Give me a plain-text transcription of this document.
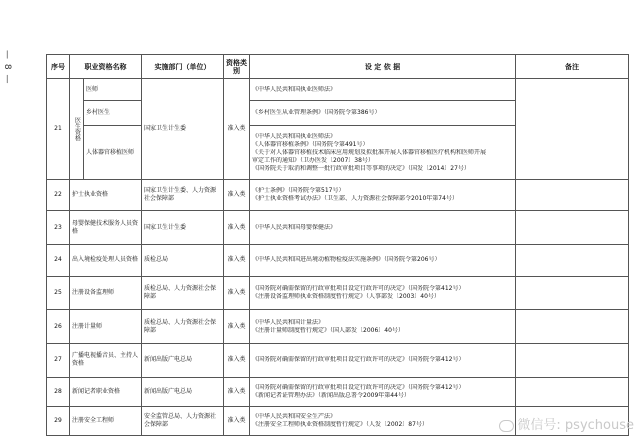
— 8 —	序号	职业资格名称		实施部门（单位）	资格类别	设 定 依 据	备注
21	医生资格	医师	国家卫生计生委	准入类	《中华人民共和国执业医师法》	

		乡村医生			《乡村医生从业管理条例》（国务院令第386号）	

		人体器官移植医师			《中华人民共和国执业医师法》
《人体器官移植条例》（国务院令第491号）
《关于对人体器官移植技术临床应用规划及拟批准开展人体器官移植医疗机构和医师开展
审定工作的通知》（卫办医发〔2007〕38号）
《国务院关于取消和调整一批行政审批项目等事项的决定》（国发〔2014〕27号）	

22	护士执业资格		国家卫生计生委、人力资源社会保障部	准入类	《护士条例》（国务院令第517号）
《护士执业资格考试办法》（卫生部、人力资源社会保障部令2010年第74号）	

23	母婴保健技术服务人员资格		国家卫生计生委	准入类	《中华人民共和国母婴保健法》	

24	出入境检疫处理人员资格		质检总局	准入类	《中华人民共和国进出境动植物检疫法实施条例》（国务院令第206号）	

25	注册设备监理师		质检总局、人力资源社会保障部	准入类	《国务院对确需保留的行政审批项目设定行政许可的决定》（国务院令第412号）
《注册设备监理师执业资格制度暂行规定》（人事部发〔2003〕40号）	

26	注册计量师		质检总局、人力资源社会保障部	准入类	《中华人民共和国计量法》
《注册计量师制度暂行规定》（国人部发〔2006〕40号）	

27	广播电视播音员、主持人资格		新闻出版广电总局	准入类	《国务院对确需保留的行政审批项目设定行政许可的决定》（国务院令第412号）	

28	新闻记者职业资格		新闻出版广电总局	准入类	《国务院对确需保留的行政审批项目设定行政许可的决定》（国务院令第412号）
《新闻记者证管理办法》（新闻出版总署令2009年第44号）	

29	注册安全工程师		安全监管总局、人力资源社会保障部	准入类	《中华人民共和国安全生产法》
《注册安全工程师执业资格制度暂行规定》（人发〔2002〕87号）	
		微信号: psychouse
